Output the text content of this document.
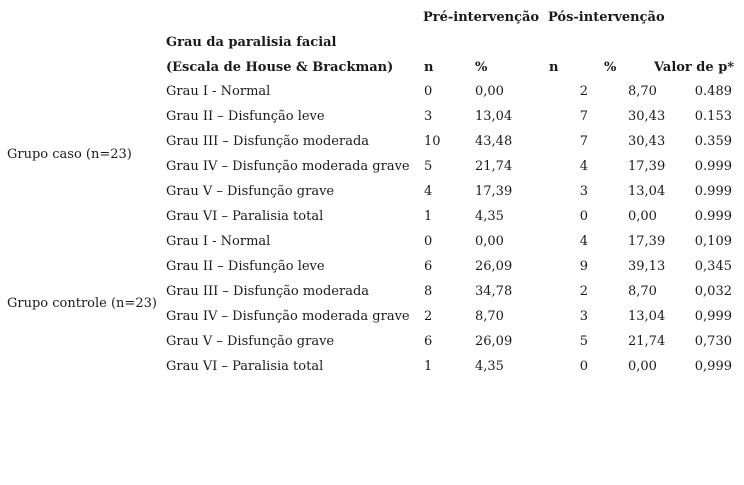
Pré-intervenção Pós-intervenção
Grau da paralisia facial
(Escala de House & Brackman) n	%	n	%	Valor de p*
Grupo caso (n=23)
Grupo controle (n=23)
Grau I - Normal	0	0,00	2	8,70	0.489
Grau II – Disfunção leve	3	13,04	7	30,43	0.153
Grau III – Disfunção moderada	10	43,48	7	30,43	0.359
Grau IV – Disfunção moderada grave	5	21,74	4	17,39	0.999
Grau V – Disfunção grave	4	17,39	3	13,04	0.999
Grau VI – Paralisia total	1	4,35	0	0,00	0.999
Grau I - Normal	0	0,00	4	17,39	0,109
Grau II – Disfunção leve	6	26,09	9	39,13	0,345
Grau III – Disfunção moderada	8	34,78	2	8,70	0,032
Grau IV – Disfunção moderada grave	2	8,70	3	13,04	0,999
Grau V – Disfunção grave	6	26,09	5	21,74	0,730
Grau VI – Paralisia total	1	4,35	0	0,00	0,999
